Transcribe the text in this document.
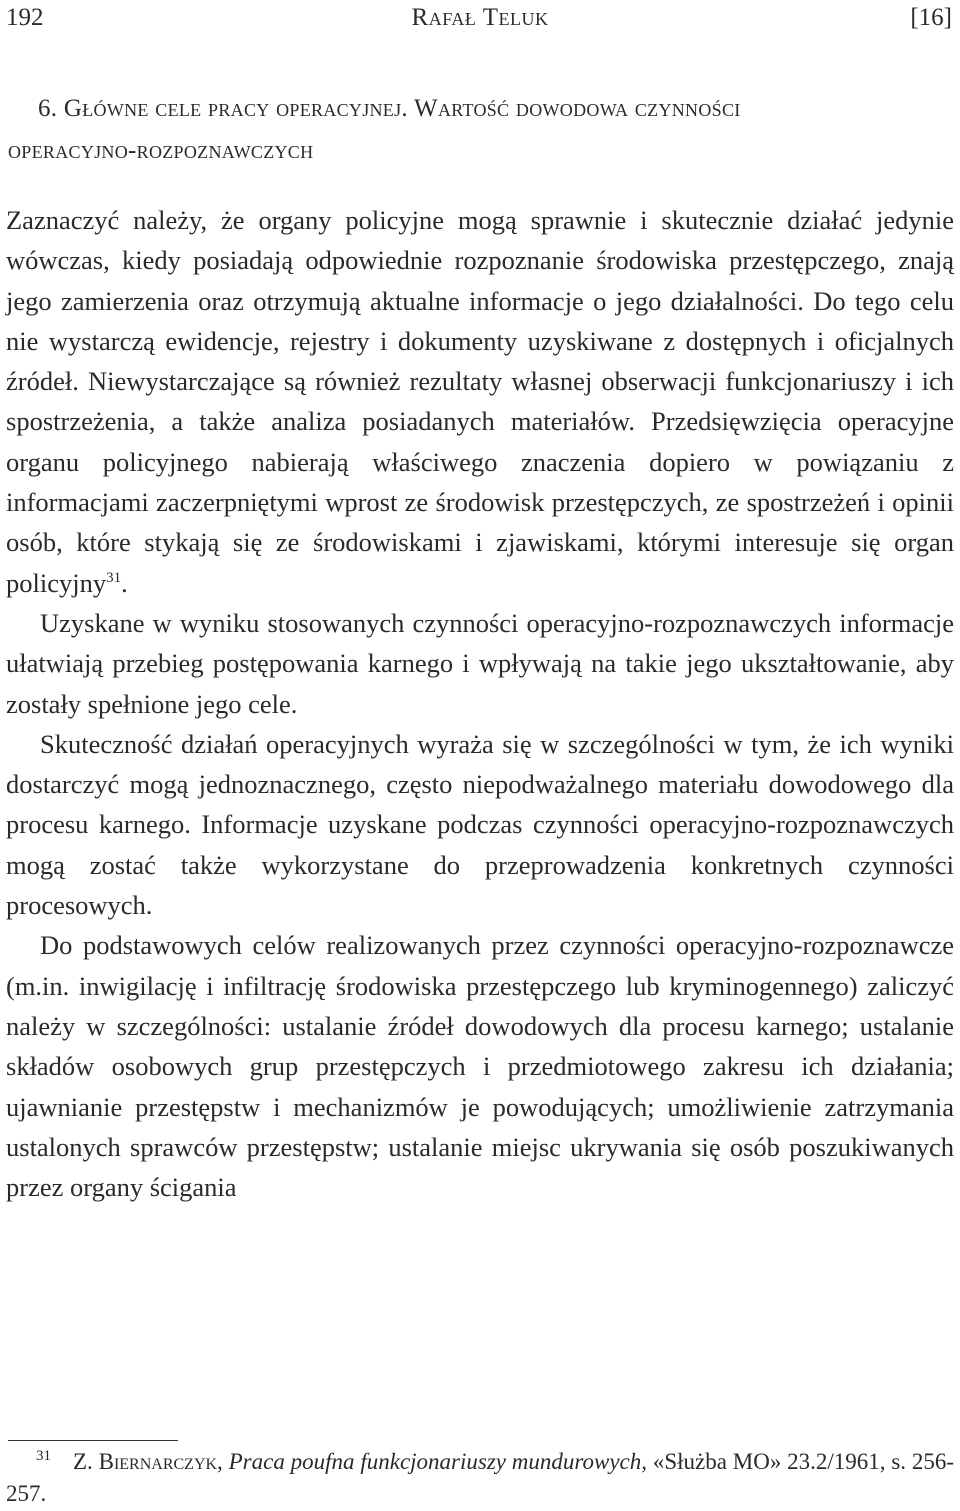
192	Rafał Teluk	[16]
6. Główne cele pracy operacyjnej. Wartość dowodowa czynności
operacyjno-rozpoznawczych

Zaznaczyć należy, że organy policyjne mogą sprawnie i skutecznie działać jedynie wówczas, kiedy posiadają odpowiednie rozpoznanie środowiska przestępczego, znają jego zamierzenia oraz otrzymują aktualne informacje o jego działalności. Do tego celu nie wystarczą ewidencje, rejestry i dokumenty uzyskiwane z dostępnych i oficjalnych źródeł. Niewystarczające są również rezultaty własnej obserwacji funkcjonariuszy i ich spostrzeżenia, a także analiza posiadanych materiałów. Przedsięwzięcia operacyjne organu policyjnego nabierają właściwego znaczenia dopiero w powiązaniu z informacjami zaczerpniętymi wprost ze środowisk przestępczych, ze spostrzeżeń i opinii osób, które stykają się ze środowiskami i zjawiskami, którymi interesuje się organ policyjny$^{31}$.

Uzyskane w wyniku stosowanych czynności operacyjno-rozpoznawczych informacje ułatwiają przebieg postępowania karnego i wpływają na takie jego ukształtowanie, aby zostały spełnione jego cele.

Skuteczność działań operacyjnych wyraża się w szczególności w tym, że ich wyniki dostarczyć mogą jednoznacznego, często niepodważalnego materiału dowodowego dla procesu karnego. Informacje uzyskane podczas czynności operacyjno-rozpoznawczych mogą zostać także wykorzystane do przeprowadzenia konkretnych czynności procesowych.

Do podstawowych celów realizowanych przez czynności operacyjno-rozpoznawcze (m.in. inwigilację i infiltrację środowiska przestępczego lub kryminogennego) zaliczyć należy w szczególności: ustalanie źródeł dowodowych dla procesu karnego; ustalanie składów osobowych grup przestępczych i przedmiotowego zakresu ich działania; ujawnianie przestępstw i mechanizmów je powodujących; umożliwienie zatrzymania ustalonych sprawców przestępstw; ustalanie miejsc ukrywania się osób poszukiwanych przez organy ścigania

$^{31}$ Z. Biernarczyk, Praca poufna funkcjonariuszy mundurowych, «Służba MO» 23.2/1961, s. 256-257.
